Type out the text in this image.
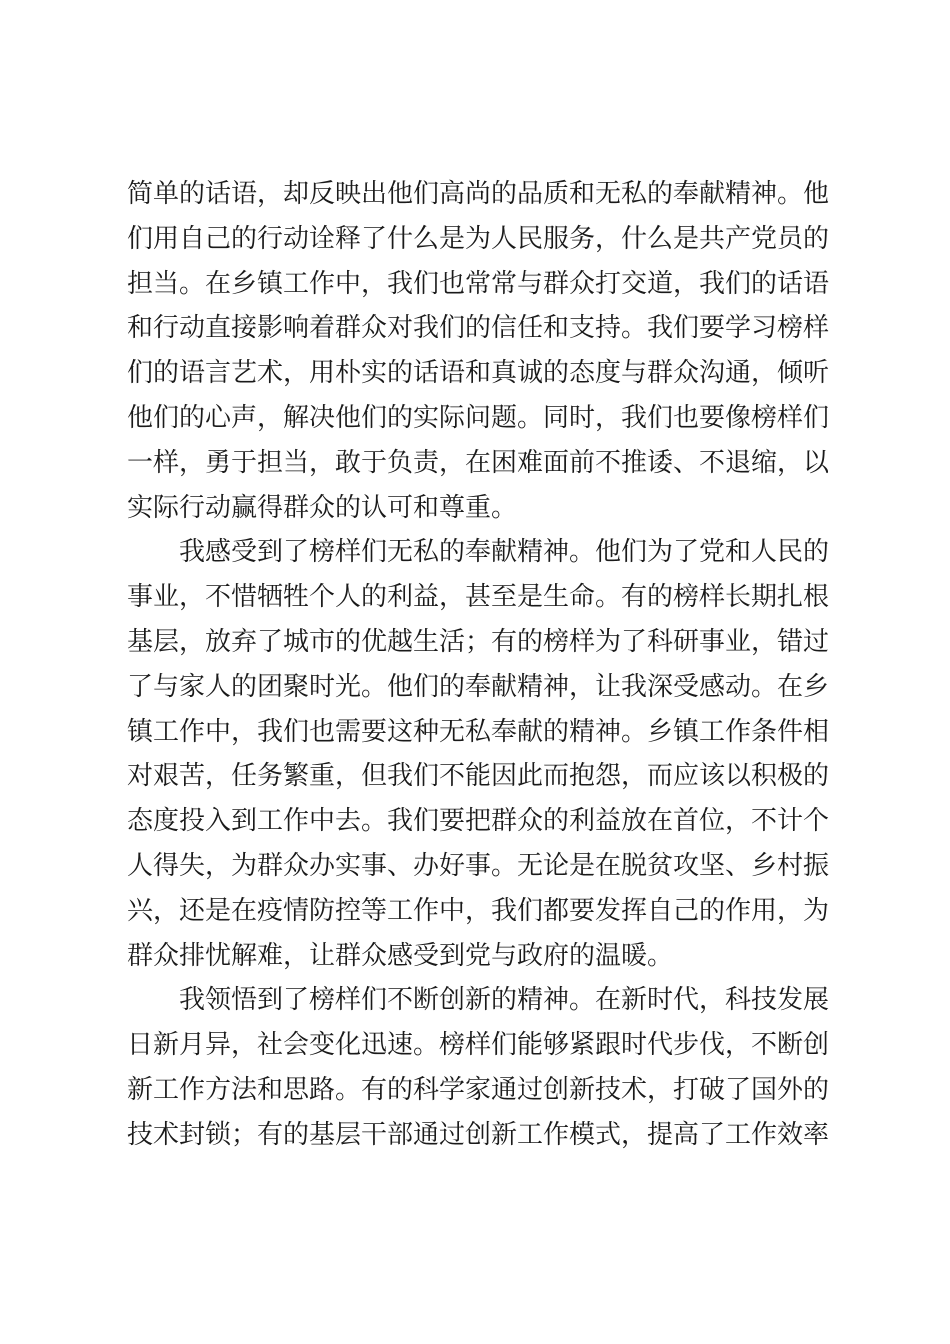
简单的话语，却反映出他们高尚的品质和无私的奉献精神。他
们用自己的行动诠释了什么是为人民服务，什么是共产党员的
担当。在乡镇工作中，我们也常常与群众打交道，我们的话语
和行动直接影响着群众对我们的信任和支持。我们要学习榜样
们的语言艺术，用朴实的话语和真诚的态度与群众沟通，倾听
他们的心声，解决他们的实际问题。同时，我们也要像榜样们
一样，勇于担当，敢于负责，在困难面前不推诿、不退缩，以
实际行动赢得群众的认可和尊重。
我感受到了榜样们无私的奉献精神。他们为了党和人民的
事业，不惜牺牲个人的利益，甚至是生命。有的榜样长期扎根
基层，放弃了城市的优越生活；有的榜样为了科研事业，错过
了与家人的团聚时光。他们的奉献精神，让我深受感动。在乡
镇工作中，我们也需要这种无私奉献的精神。乡镇工作条件相
对艰苦，任务繁重，但我们不能因此而抱怨，而应该以积极的
态度投入到工作中去。我们要把群众的利益放在首位，不计个
人得失，为群众办实事、办好事。无论是在脱贫攻坚、乡村振
兴，还是在疫情防控等工作中，我们都要发挥自己的作用，为
群众排忧解难，让群众感受到党与政府的温暖。
我领悟到了榜样们不断创新的精神。在新时代，科技发展
日新月异，社会变化迅速。榜样们能够紧跟时代步伐，不断创
新工作方法和思路。有的科学家通过创新技术，打破了国外的
技术封锁；有的基层干部通过创新工作模式，提高了工作效率
